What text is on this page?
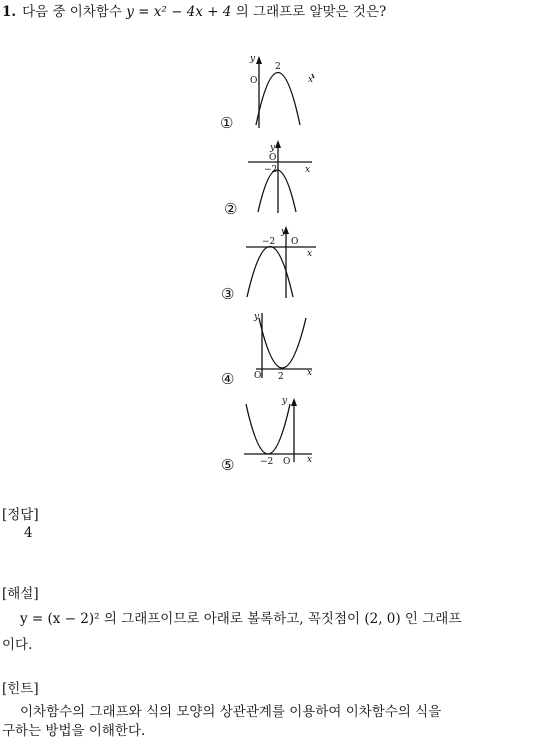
1. 다음 중 이차함수 y = x² − 4x + 4 의 그래프로 알맞은 것은?
y
O
2
x
y
O
−2	x
y
O
−2
x
y
O 2	x
y
O
−2	x
①
②
③
④
⑤
[정답]
4
[해설]
y = (x − 2)² 의 그래프이므로 아래로 볼록하고, 꼭짓점이 (2, 0) 인 그래프
이다.
[힌트]
이차함수의 그래프와 식의 모양의 상관관계를 이용하여 이차함수의 식을
구하는 방법을 이해한다.
